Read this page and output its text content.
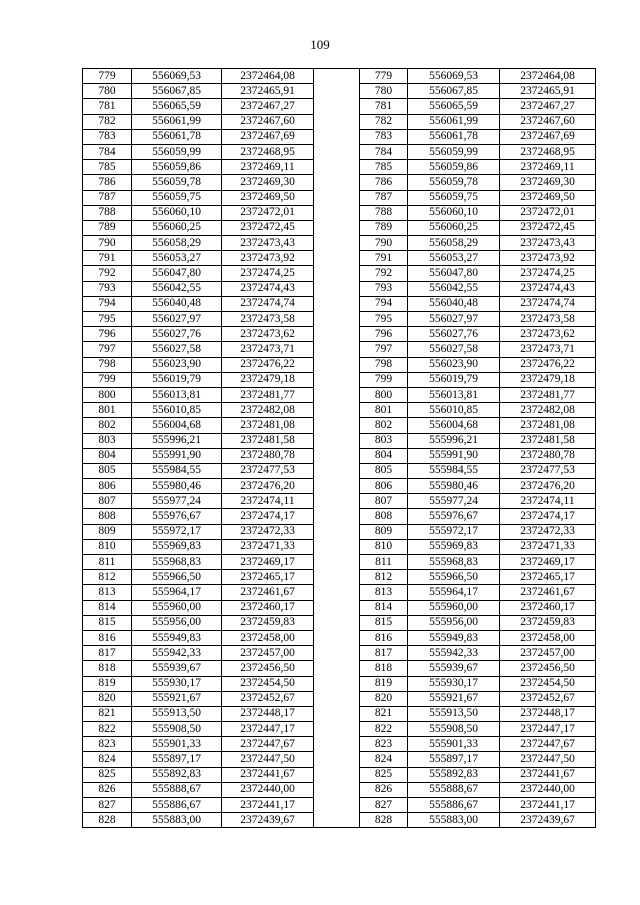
109
779	556069,53	2372464,08		779	556069,53	2372464,08
780	556067,85	2372465,91		780	556067,85	2372465,91
781	556065,59	2372467,27		781	556065,59	2372467,27
782	556061,99	2372467,60		782	556061,99	2372467,60
783	556061,78	2372467,69		783	556061,78	2372467,69
784	556059,99	2372468,95		784	556059,99	2372468,95
785	556059,86	2372469,11		785	556059,86	2372469,11
786	556059,78	2372469,30		786	556059,78	2372469,30
787	556059,75	2372469,50		787	556059,75	2372469,50
788	556060,10	2372472,01		788	556060,10	2372472,01
789	556060,25	2372472,45		789	556060,25	2372472,45
790	556058,29	2372473,43		790	556058,29	2372473,43
791	556053,27	2372473,92		791	556053,27	2372473,92
792	556047,80	2372474,25		792	556047,80	2372474,25
793	556042,55	2372474,43		793	556042,55	2372474,43
794	556040,48	2372474,74		794	556040,48	2372474,74
795	556027,97	2372473,58		795	556027,97	2372473,58
796	556027,76	2372473,62		796	556027,76	2372473,62
797	556027,58	2372473,71		797	556027,58	2372473,71
798	556023,90	2372476,22		798	556023,90	2372476,22
799	556019,79	2372479,18		799	556019,79	2372479,18
800	556013,81	2372481,77		800	556013,81	2372481,77
801	556010,85	2372482,08		801	556010,85	2372482,08
802	556004,68	2372481,08		802	556004,68	2372481,08
803	555996,21	2372481,58		803	555996,21	2372481,58
804	555991,90	2372480,78		804	555991,90	2372480,78
805	555984,55	2372477,53		805	555984,55	2372477,53
806	555980,46	2372476,20		806	555980,46	2372476,20
807	555977,24	2372474,11		807	555977,24	2372474,11
808	555976,67	2372474,17		808	555976,67	2372474,17
809	555972,17	2372472,33		809	555972,17	2372472,33
810	555969,83	2372471,33		810	555969,83	2372471,33
811	555968,83	2372469,17		811	555968,83	2372469,17
812	555966,50	2372465,17		812	555966,50	2372465,17
813	555964,17	2372461,67		813	555964,17	2372461,67
814	555960,00	2372460,17		814	555960,00	2372460,17
815	555956,00	2372459,83		815	555956,00	2372459,83
816	555949,83	2372458,00		816	555949,83	2372458,00
817	555942,33	2372457,00		817	555942,33	2372457,00
818	555939,67	2372456,50		818	555939,67	2372456,50
819	555930,17	2372454,50		819	555930,17	2372454,50
820	555921,67	2372452,67		820	555921,67	2372452,67
821	555913,50	2372448,17		821	555913,50	2372448,17
822	555908,50	2372447,17		822	555908,50	2372447,17
823	555901,33	2372447,67		823	555901,33	2372447,67
824	555897,17	2372447,50		824	555897,17	2372447,50
825	555892,83	2372441,67		825	555892,83	2372441,67
826	555888,67	2372440,00		826	555888,67	2372440,00
827	555886,67	2372441,17		827	555886,67	2372441,17
828	555883,00	2372439,67		828	555883,00	2372439,67
